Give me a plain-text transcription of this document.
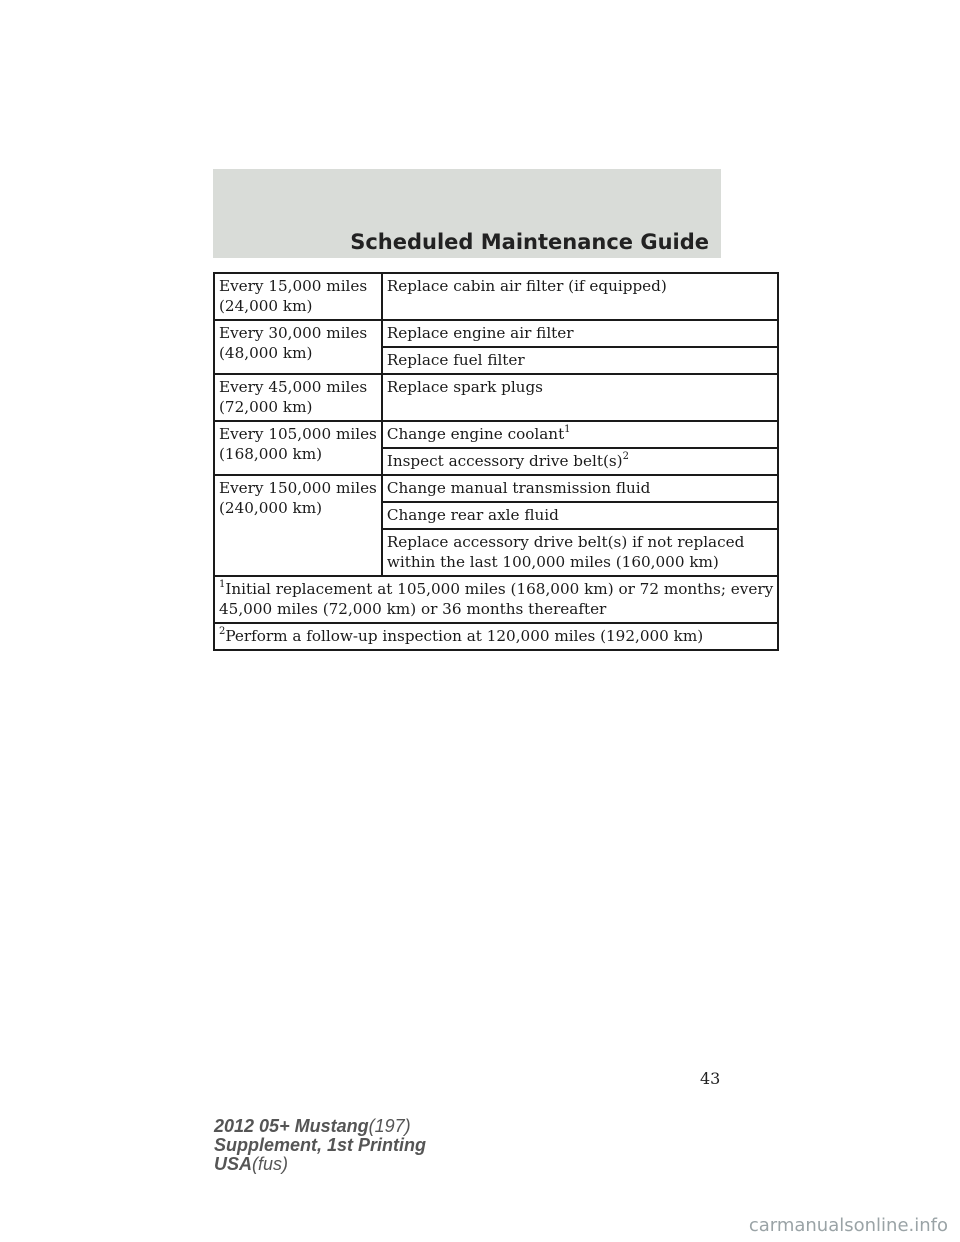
Scheduled Maintenance Guide
Every 15,000 miles
(24,000 km)	Replace cabin air filter (if equipped)
Every 30,000 miles
(48,000 km)	Replace engine air filter
	Replace fuel filter
Every 45,000 miles
(72,000 km)	Replace spark plugs
Every 105,000 miles
(168,000 km)	Change engine coolant$^1$
	Inspect accessory drive $belt(s)^2$
Every 150,000 miles
(240,000 km)	Change manual transmission fluid
	Change rear axle fluid
	Replace accessory drive belt(s) if not replaced
within the last 100,000 miles (160,000 km)
$^1$Initial replacement at 105,000 miles (168,000 km) or 72 months; every
45,000 miles (72,000 km) or 36 months thereafter	
$^2$Perform a follow-up inspection at 120,000 miles (192,000 km)	
43
2012 05+ Mustang(197)
Supplement, 1st Printing
USA(fus)
carmanualsonline.info
